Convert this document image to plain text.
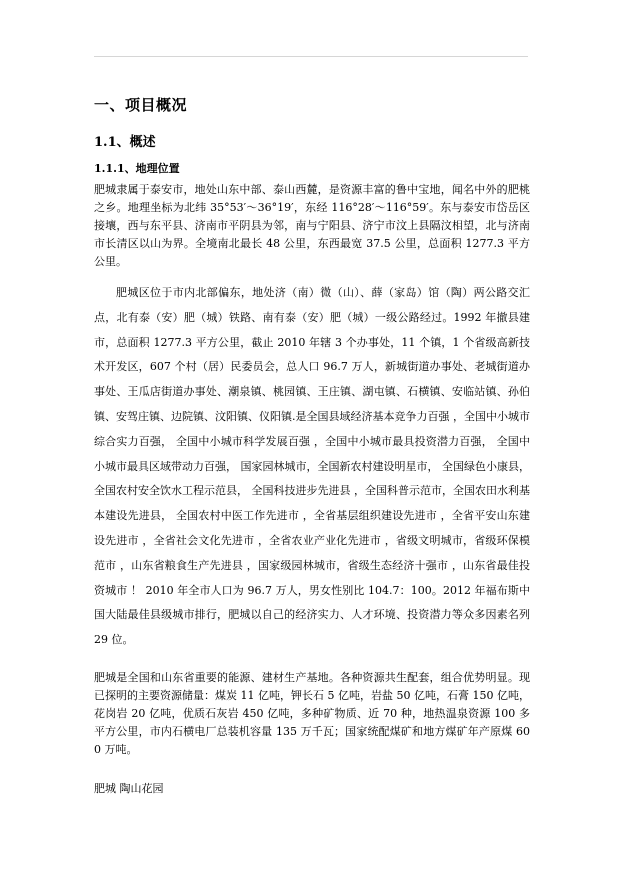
一、项目概况
1.1、概述
1.1.1、地理位置

肥城隶属于泰安市，地处山东中部、泰山西麓，是资源丰富的鲁中宝地，闻名中外的肥桃之乡。地理坐标为北纬 35°53′～36°19′，东经 116°28′～116°59′。东与泰安市岱岳区接壤，西与东平县、济南市平阴县为邻，南与宁阳县、济宁市汶上县隔汶相望，北与济南市长清区以山为界。全境南北最长 48 公里，东西最宽 37.5 公里，总面积 1277.3 平方公里。

肥城区位于市内北部偏东，地处济（南）微（山）、薛（家岛）馆（陶）两公路交汇点，北有泰（安）肥（城）铁路、南有泰（安）肥（城）一级公路经过。1992 年撤县建市，总面积 1277.3 平方公里，截止 2010 年辖 3 个办事处，11 个镇，1 个省级高新技术开发区，607 个村（居）民委员会，总人口 96.7 万人，新城街道办事处、老城街道办事处、王瓜店街道办事处、潮泉镇、桃园镇、王庄镇、湖屯镇、石横镇、安临站镇、孙伯镇、安驾庄镇、边院镇、汶阳镇、仪阳镇.是全国县域经济基本竞争力百强 ，全国中小城市综合实力百强， 全国中小城市科学发展百强 ，全国中小城市最具投资潜力百强， 全国中小城市最具区域带动力百强， 国家园林城市，全国新农村建设明星市， 全国绿色小康县， 全国农村安全饮水工程示范县， 全国科技进步先进县 ，全国科普示范市，全国农田水利基本建设先进县， 全国农村中医工作先进市 ，全省基层组织建设先进市 ，全省平安山东建设先进市 ，全省社会文化先进市 ，全省农业产业化先进市 ，省级文明城市，省级环保模范市 ，山东省粮食生产先进县 ，国家级园林城市，省级生态经济十强市 ，山东省最佳投资城市 ！ 2010 年全市人口为 96.7 万人，男女性别比 104.7：100。2012 年福布斯中国大陆最佳县级城市排行，肥城以自己的经济实力、人才环境、投资潜力等众多因素名列 29 位。

肥城是全国和山东省重要的能源、建材生产基地。各种资源共生配套，组合优势明显。现已探明的主要资源储量：煤炭 11 亿吨，钾长石 5 亿吨，岩盐 50 亿吨，石膏 150 亿吨，花岗岩 20 亿吨，优质石灰岩 450 亿吨，多种矿物质、近 70 种，地热温泉资源 100 多平方公里，市内石横电厂总装机容量 135 万千瓦；国家统配煤矿和地方煤矿年产原煤 600 万吨。

肥城 陶山花园
